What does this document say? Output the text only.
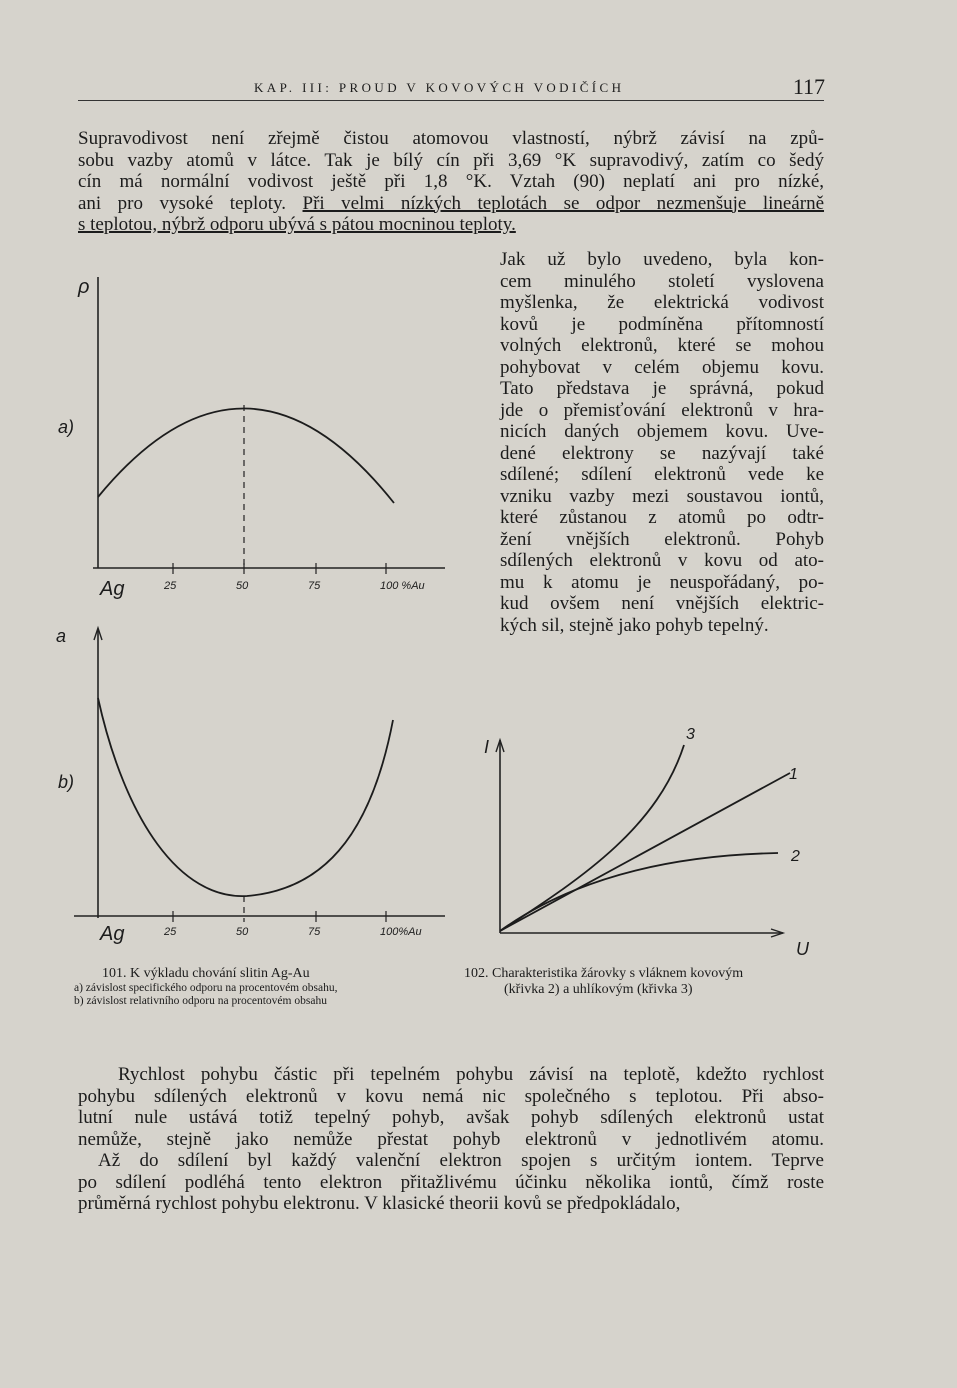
KAP. III: PROUD V KOVOVÝCH VODIČÍCH	117
Supravodivost není zřejmě čistou atomovou vlastností, nýbrž závisí na způ-
sobu vazby atomů v látce. Tak je bílý cín při 3,69 °K supravodivý, zatím co šedý
cín má normální vodivost ještě při 1,8 °K. Vztah (90) neplatí ani pro nízké,
ani pro vysoké teploty. Při velmi nízkých teplotách se odpor nezmenšuje lineárně
s teplotou, nýbrž odporu ubývá s pátou mocninou teploty.
Jak už bylo uvedeno, byla kon-
cem minulého století vyslovena
myšlenka, že elektrická vodivost
kovů je podmíněna přítomností
volných elektronů, které se mohou
pohybovat v celém objemu kovu.
Tato představa je správná, pokud
jde o přemisťování elektronů v hra-
nicích daných objemem kovu. Uve-
dené elektrony se nazývají také
sdílené; sdílení elektronů vede ke
vzniku vazby mezi soustavou iontů,
které zůstanou z atomů po odtr-
žení vnějších elektronů. Pohyb
sdílených elektronů v kovu od ato-
mu k atomu je neuspořádaný, po-
kud ovšem není vnějších elektric-
kých sil, stejně jako pohyb tepelný.
ρ
a)
Ag	25	50	75	100 %Au
a
b)
Ag	25	50	75	100%Au
I
U
3
1
2
101. K výkladu chování slitin Ag-Au
a) závislost specifického odporu na procentovém obsahu,
b) závislost relativního odporu na procentovém obsahu
102. Charakteristika žárovky s vláknem kovovým
(křivka 2) a uhlíkovým (křivka 3)
Rychlost pohybu částic při tepelném pohybu závisí na teplotě, kdežto rychlost
pohybu sdílených elektronů v kovu nemá nic společného s teplotou. Při abso-
lutní nule ustává totiž tepelný pohyb, avšak pohyb sdílených elektronů ustat
nemůže, stejně jako nemůže přestat pohyb elektronů v jednotlivém atomu.
Až do sdílení byl každý valenční elektron spojen s určitým iontem. Teprve
po sdílení podléhá tento elektron přitažlivému účinku několika iontů, čímž roste
průměrná rychlost pohybu elektronu. V klasické theorii kovů se předpokládalo,
